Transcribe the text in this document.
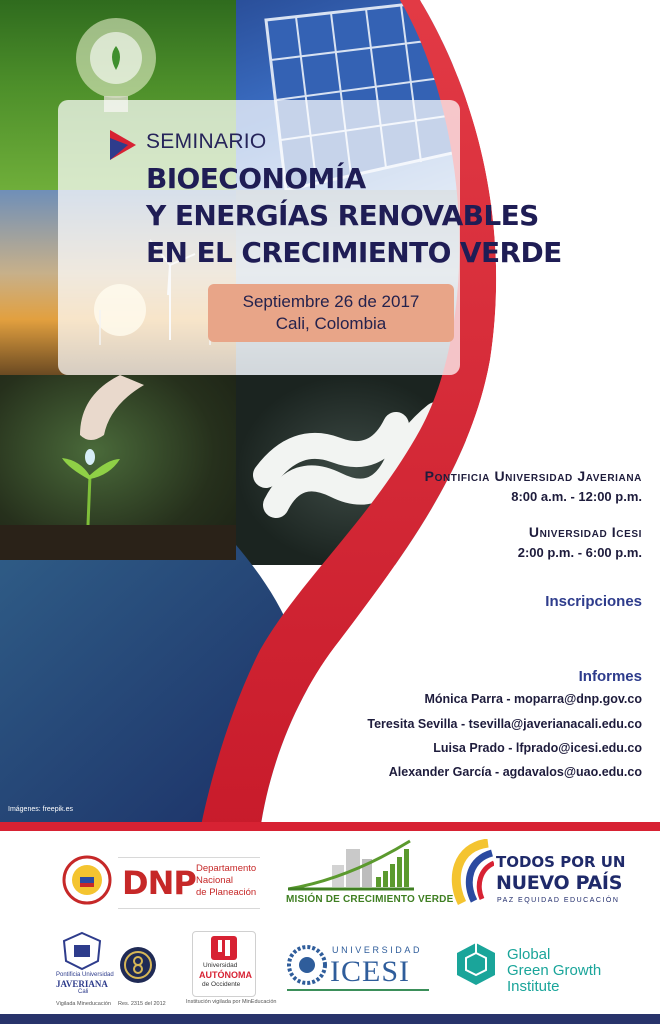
SEMINARIO
BIOECONOMÍA
Y ENERGÍAS RENOVABLES
EN EL CRECIMIENTO VERDE
Septiembre 26 de 2017
Cali, Colombia
Pontificia Universidad Javeriana
8:00 a.m. - 12:00 p.m.
Universidad Icesi
2:00 p.m. - 6:00 p.m.
Inscripciones
Informes
Mónica Parra - moparra@dnp.gov.co
Teresita Sevilla - tsevilla@javerianacali.edu.co
Luisa Prado - lfprado@icesi.edu.co
Alexander García - agdavalos@uao.edu.co
Imágenes: freepik.es
DNP Departamento
Nacional
de Planeación
MISIÓN DE CRECIMIENTO VERDE
TODOS POR UN
NUEVO PAÍS
PAZ EQUIDAD EDUCACIÓN
Pontificia Universidad
JAVERIANA
Cali
Vigilada Mineducación Res. 2315 del 2012
Universidad
AUTÓNOMA
de Occidente
Institución vigilada por MinEducación
UNIVERSIDAD
ICESI
Global
Green Growth
Institute
